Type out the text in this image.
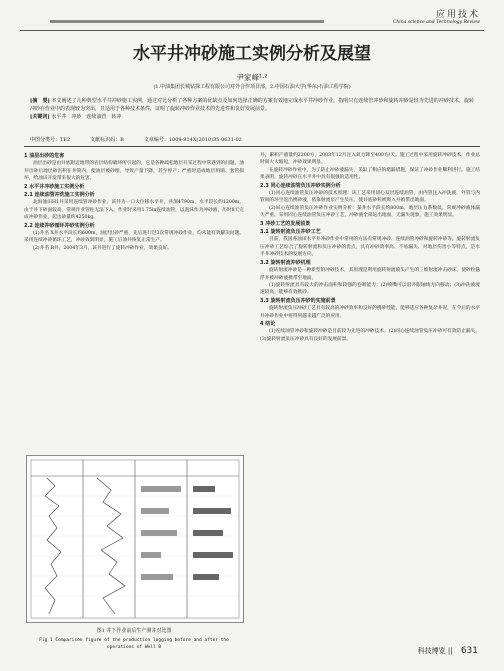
应用技术
China science and Technology Review
水平井冲砂施工实例分析及展望
尹家峰¹·²
(1.中油集团长城钻探工程有限公司对外合作项目部，2.中国石油大学(华东)石油工程学院)
[摘　要] 本文阐述了几种典型水平井冲砂施工实例，通过对比分析了各种方案的优缺点及如何选择正确的方案有效地完成水平井冲砂作业，指明只有连续管冲砂和旋转冲砂是较为先进的冲砂技术，旋转冲砂在作业中的表现较为突出，且适用于各种技术条件，证明了旋转冲砂作业技术的先进性和良好发展前景。
[关键词] 水平井　冲砂　连续油管　转冲
中图分类号：TE2	文献标识码：B	文章编号：1009-914X(2010)35-0631-02
1 油层出砂的危害
油层出砂是由井底附近地带的岩层结构破坏所引起的，它是各种疏松地层开采过程中常遇到的问题。油井出砂后地层砂沉积在井筒内，使油层被砂埋，导致产量下降，甚至停产；严重时造成地层坍塌、套管损坏，给油田开发带来很大的危害。
2 水平井冲砂施工实例分析
2.1 连续油管冲洗施工实例分析
北海油田H1井采用连续管冲砂作业。该井为一口大位移水平井，井深4790m，水平段长约1200m。由于井下砂面较高，常规作业管柱无法下入，作业时采用1.75in连续油管，以泡沫作为冲砂液，历时8天完成冲砂作业，起出砂量约4250kg。
2.2 连续冲砂循环冲砂实例分析
(1)井名 X井水平段长约600m，油层出砂严重，先后进行过3次常规冲砂作业，均未能有效解决问题。采用连续冲砂循环工艺，冲砂效果明显，施工后油井恢复正常生产。
(2)井名 B井，2004年3月，该井进行了旋转冲砂作业，效果良好。
图1 井下作业前后生产测井对比图
Fig 1 Comparison figure of the production logging before and after the operations of Well B
井，累积产液量约2200方，2003年12月注入氮力降至400方/天。施工过程中采用旋转冲砂技术，作业总时间大大缩短，冲砂效果明显。
在旋转冲砂作业中，为了防止冲砂液漏失，采取了相应的堵漏措施，保证了冲砂作业顺利进行。施工结果表明，旋转冲砂在水平井中具有很强的适用性。
2.3 同心连续油管负压冲砂实例分析
(1)同心连续油管负压冲砂的技术原理：该工艺采用同心双层连续油管，由内管注入冲洗液，外管与内管间的环空返出携砂液，依靠射流泵产生负压，使井底砂粒被吸入并被带出地面。
(2)同心连续油管负压冲砂作业实例分析：某井水平段长约800m，地层压力系数低，常规冲砂液体漏失严重。采用同心连续油管负压冲砂工艺，冲砂液全部返出地面，无漏失现象，施工效果明显。
3 冲砂工艺的发展前景
3.1 旋转射流负压冲砂工艺
目前，我国各油田水平井冲砂作业中常用的方法有常规冲砂、连续油管冲砂和旋转冲砂等。旋转射流负压冲砂工艺综合了旋转射流和负压冲砂的优点，具有冲砂效率高、不易漏失、对地层伤害小等特点，是水平井冲砂技术的发展方向。
3.2 旋转射流冲砂机理
旋转射流冲砂是一种新型的冲砂技术，其原理是利用旋转射流喷头产生的三维射流冲击砂床，使砂粒悬浮并被冲砂液携带至地面。
(1)旋转射流具有较大的冲击面积和较强的卷吸能力；(2)喷嘴可以沿井眼轴线方向移动；(3)冲洗液流速较高，能够有效携砂。
3.3 旋转射流负压冲砂的实施前景
旋转射流负压冲砂工艺具有较高的冲砂效率和良好的携砂性能，能够适应各种复杂井况，在今后的水平井冲砂作业中将得到越来越广泛的应用。
4 结论
(1)连续油管冲砂和旋转冲砂是目前较为先进的冲砂技术。(2)同心连续油管负压冲砂可有效防止漏失。(3)旋转射流负压冲砂具有良好的发展前景。
科技博览 || 631
